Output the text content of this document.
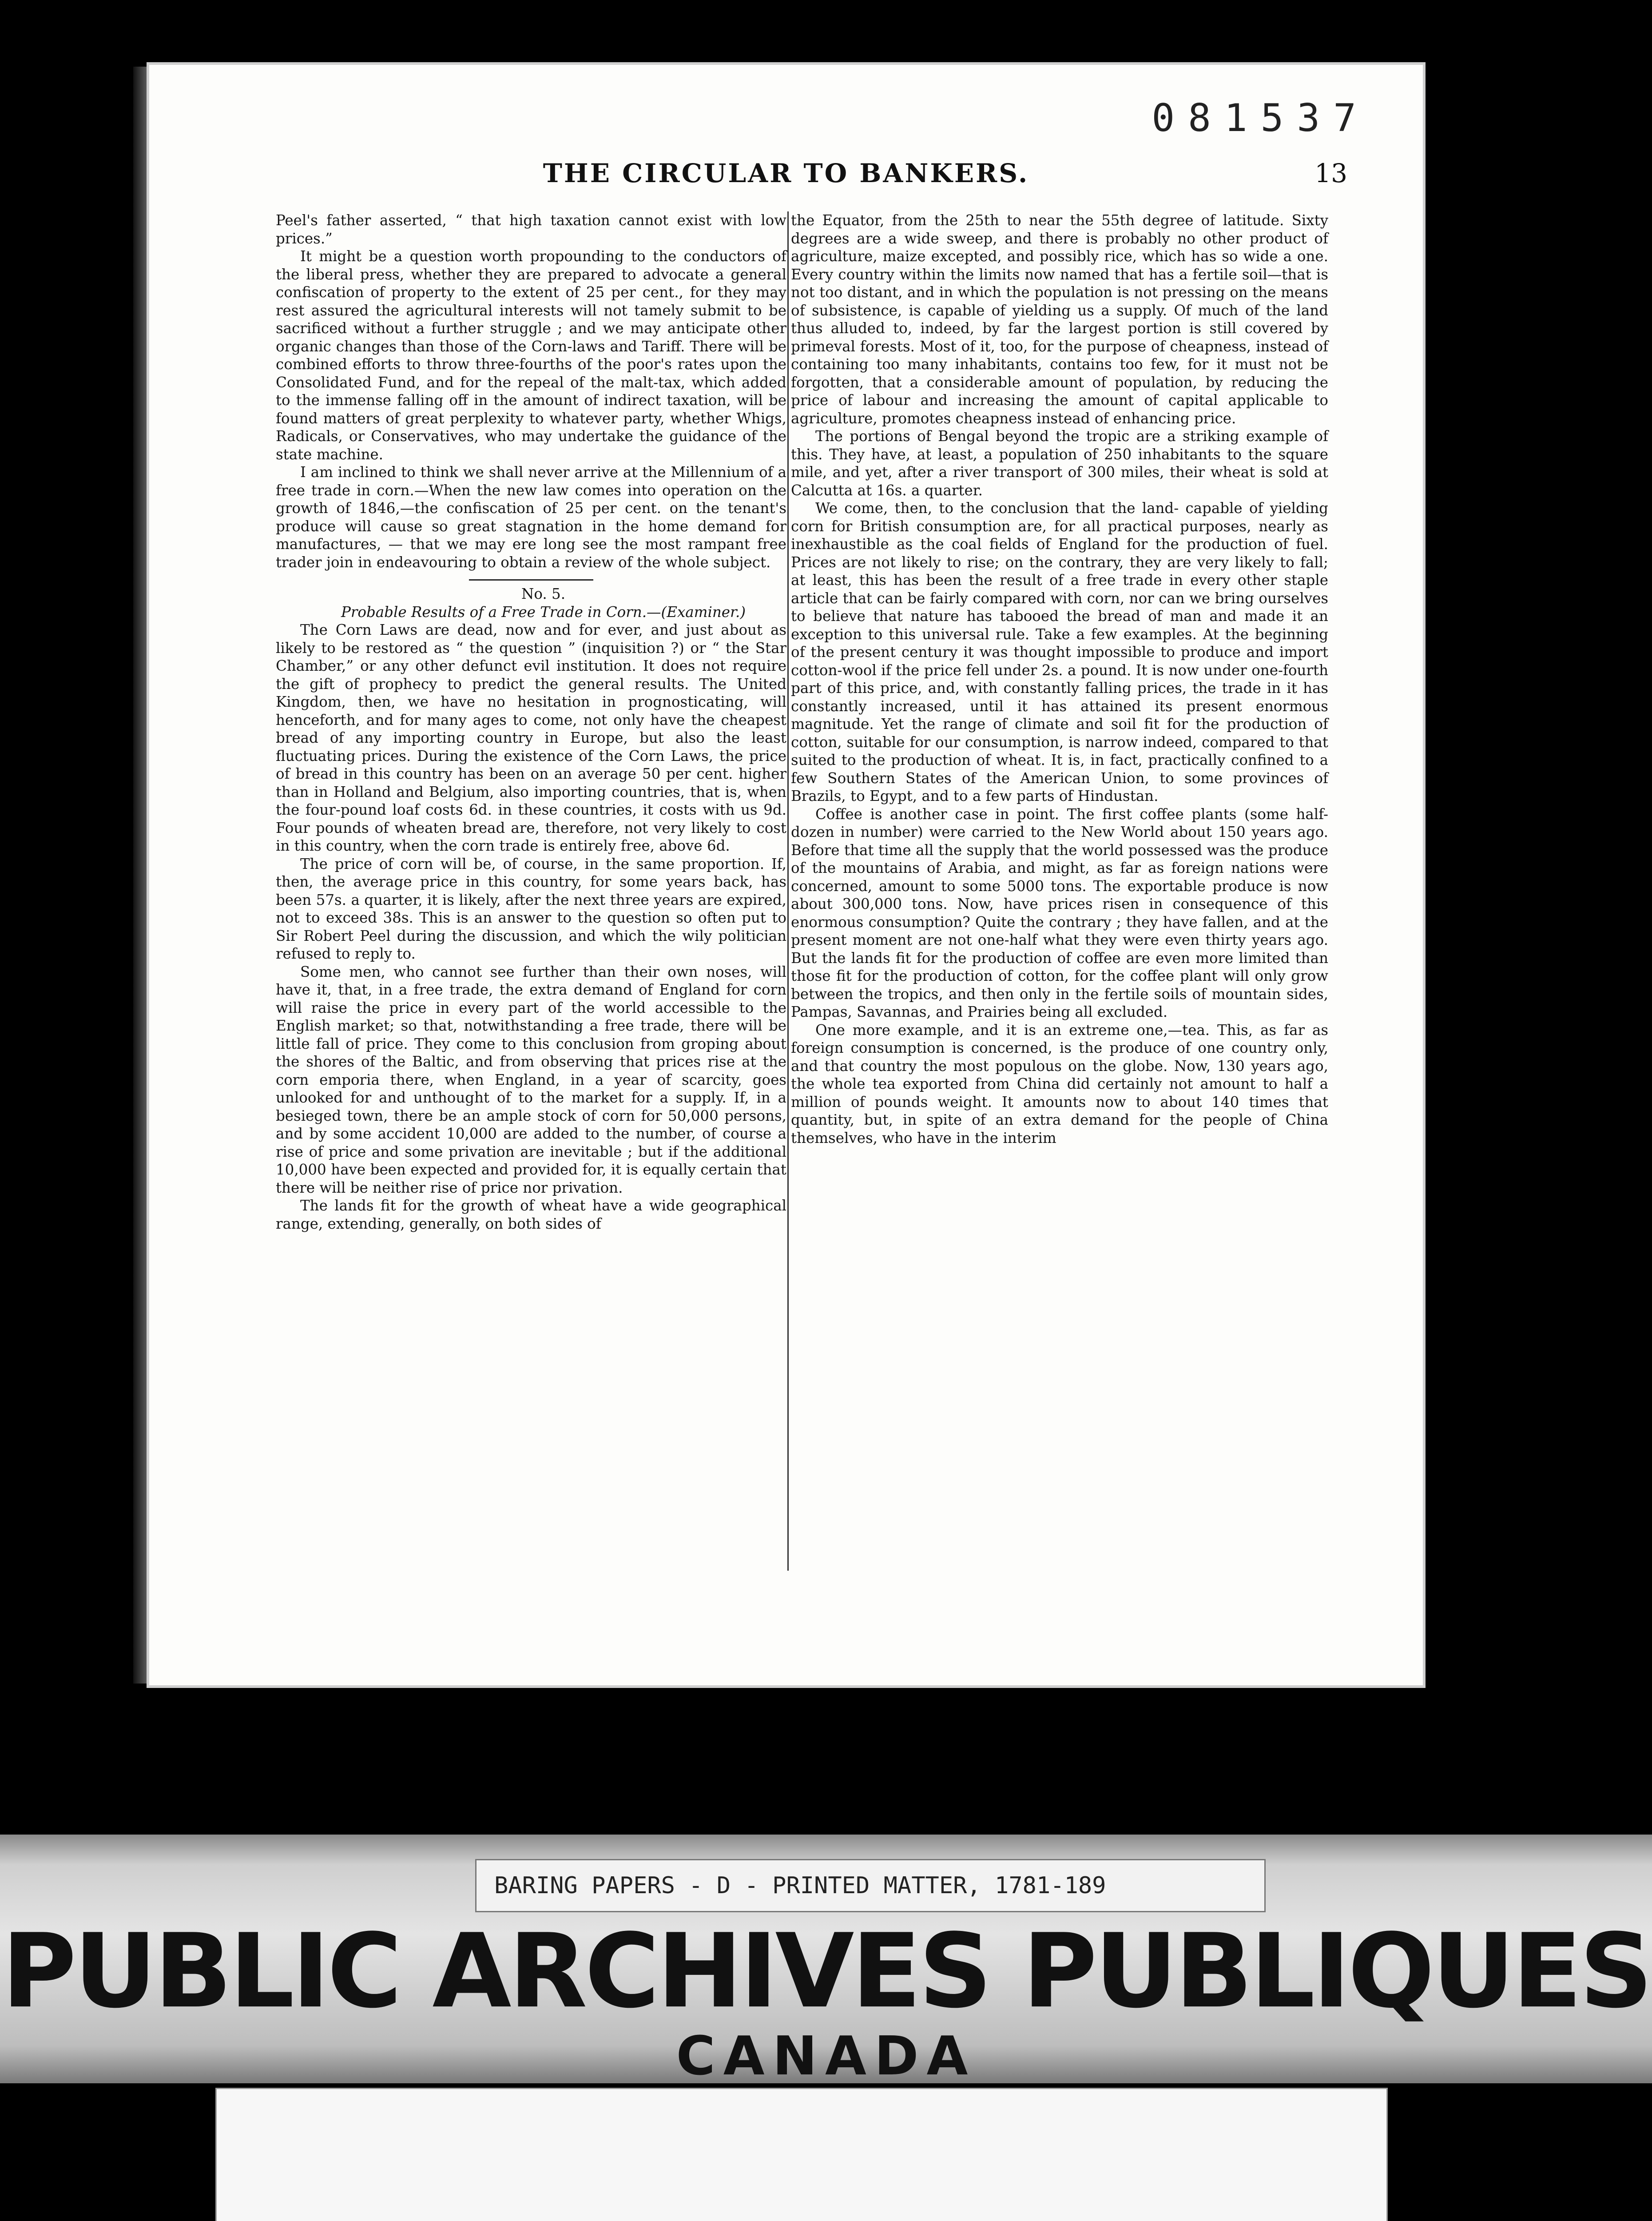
081537
THE CIRCULAR TO BANKERS.	13

Peel's father asserted, “ that high taxation cannot exist with low prices.”

It might be a question worth propounding to the conductors of the liberal press, whether they are prepared to advocate a general confiscation of property to the extent of 25 per cent., for they may rest assured the agricultural interests will not tamely submit to be sacrificed without a further struggle ; and we may anticipate other organic changes than those of the Corn-laws and Tariff. There will be combined efforts to throw three-fourths of the poor's rates upon the Consolidated Fund, and for the repeal of the malt-tax, which added to the immense falling off in the amount of indirect taxation, will be found matters of great perplexity to whatever party, whether Whigs, Radicals, or Conservatives, who may undertake the guidance of the state machine.

I am inclined to think we shall never arrive at the Millennium of a free trade in corn.—When the new law comes into operation on the growth of 1846,—the confiscation of 25 per cent. on the tenant's produce will cause so great stagnation in the home demand for manufactures, — that we may ere long see the most rampant free trader join in endeavouring to obtain a review of the whole subject.

No. 5.

Probable Results of a Free Trade in Corn.—(Examiner.)

The Corn Laws are dead, now and for ever, and just about as likely to be restored as “ the question ” (inquisition ?) or “ the Star Chamber,” or any other defunct evil institution. It does not require the gift of prophecy to predict the general results. The United Kingdom, then, we have no hesitation in prognosticating, will henceforth, and for many ages to come, not only have the cheapest bread of any importing country in Europe, but also the least fluctuating prices. During the existence of the Corn Laws, the price of bread in this country has been on an average 50 per cent. higher than in Holland and Belgium, also importing countries, that is, when the four-pound loaf costs 6d. in these countries, it costs with us 9d. Four pounds of wheaten bread are, therefore, not very likely to cost in this country, when the corn trade is entirely free, above 6d.

The price of corn will be, of course, in the same proportion. If, then, the average price in this country, for some years back, has been 57s. a quarter, it is likely, after the next three years are expired, not to exceed 38s. This is an answer to the question so often put to Sir Robert Peel during the discussion, and which the wily politician refused to reply to.

Some men, who cannot see further than their own noses, will have it, that, in a free trade, the extra demand of England for corn will raise the price in every part of the world accessible to the English market; so that, notwithstanding a free trade, there will be little fall of price. They come to this conclusion from groping about the shores of the Baltic, and from observing that prices rise at the corn emporia there, when England, in a year of scarcity, goes unlooked for and unthought of to the market for a supply. If, in a besieged town, there be an ample stock of corn for 50,000 persons, and by some accident 10,000 are added to the number, of course a rise of price and some privation are inevitable ; but if the additional 10,000 have been expected and provided for, it is equally certain that there will be neither rise of price nor privation.

The lands fit for the growth of wheat have a wide geographical range, extending, generally, on both sides of

the Equator, from the 25th to near the 55th degree of latitude. Sixty degrees are a wide sweep, and there is probably no other product of agriculture, maize excepted, and possibly rice, which has so wide a one. Every country within the limits now named that has a fertile soil—that is not too distant, and in which the population is not pressing on the means of subsistence, is capable of yielding us a supply. Of much of the land thus alluded to, indeed, by far the largest portion is still covered by primeval forests. Most of it, too, for the purpose of cheapness, instead of containing too many inhabitants, contains too few, for it must not be forgotten, that a considerable amount of population, by reducing the price of labour and increasing the amount of capital applicable to agriculture, promotes cheapness instead of enhancing price.

The portions of Bengal beyond the tropic are a striking example of this. They have, at least, a population of 250 inhabitants to the square mile, and yet, after a river transport of 300 miles, their wheat is sold at Calcutta at 16s. a quarter.

We come, then, to the conclusion that the land- capable of yielding corn for British consumption are, for all practical purposes, nearly as inexhaustible as the coal fields of England for the production of fuel. Prices are not likely to rise; on the contrary, they are very likely to fall; at least, this has been the result of a free trade in every other staple article that can be fairly compared with corn, nor can we bring ourselves to believe that nature has tabooed the bread of man and made it an exception to this universal rule. Take a few examples. At the beginning of the present century it was thought impossible to produce and import cotton-wool if the price fell under 2s. a pound. It is now under one-fourth part of this price, and, with constantly falling prices, the trade in it has constantly increased, until it has attained its present enormous magnitude. Yet the range of climate and soil fit for the production of cotton, suitable for our consumption, is narrow indeed, compared to that suited to the production of wheat. It is, in fact, practically confined to a few Southern States of the American Union, to some provinces of Brazils, to Egypt, and to a few parts of Hindustan.

Coffee is another case in point. The first coffee plants (some half-dozen in number) were carried to the New World about 150 years ago. Before that time all the supply that the world possessed was the produce of the mountains of Arabia, and might, as far as foreign nations were concerned, amount to some 5000 tons. The exportable produce is now about 300,000 tons. Now, have prices risen in consequence of this enormous consumption? Quite the contrary ; they have fallen, and at the present moment are not one-half what they were even thirty years ago. But the lands fit for the production of coffee are even more limited than those fit for the production of cotton, for the coffee plant will only grow between the tropics, and then only in the fertile soils of mountain sides, Pampas, Savannas, and Prairies being all excluded.

One more example, and it is an extreme one,—tea. This, as far as foreign consumption is concerned, is the produce of one country only, and that country the most populous on the globe. Now, 130 years ago, the whole tea exported from China did certainly not amount to half a million of pounds weight. It amounts now to about 140 times that quantity, but, in spite of an extra demand for the people of China themselves, who have in the interim

BARING PAPERS - D - PRINTED MATTER, 1781-189
PUBLIC ARCHIVES PUBLIQUES
CANADA
